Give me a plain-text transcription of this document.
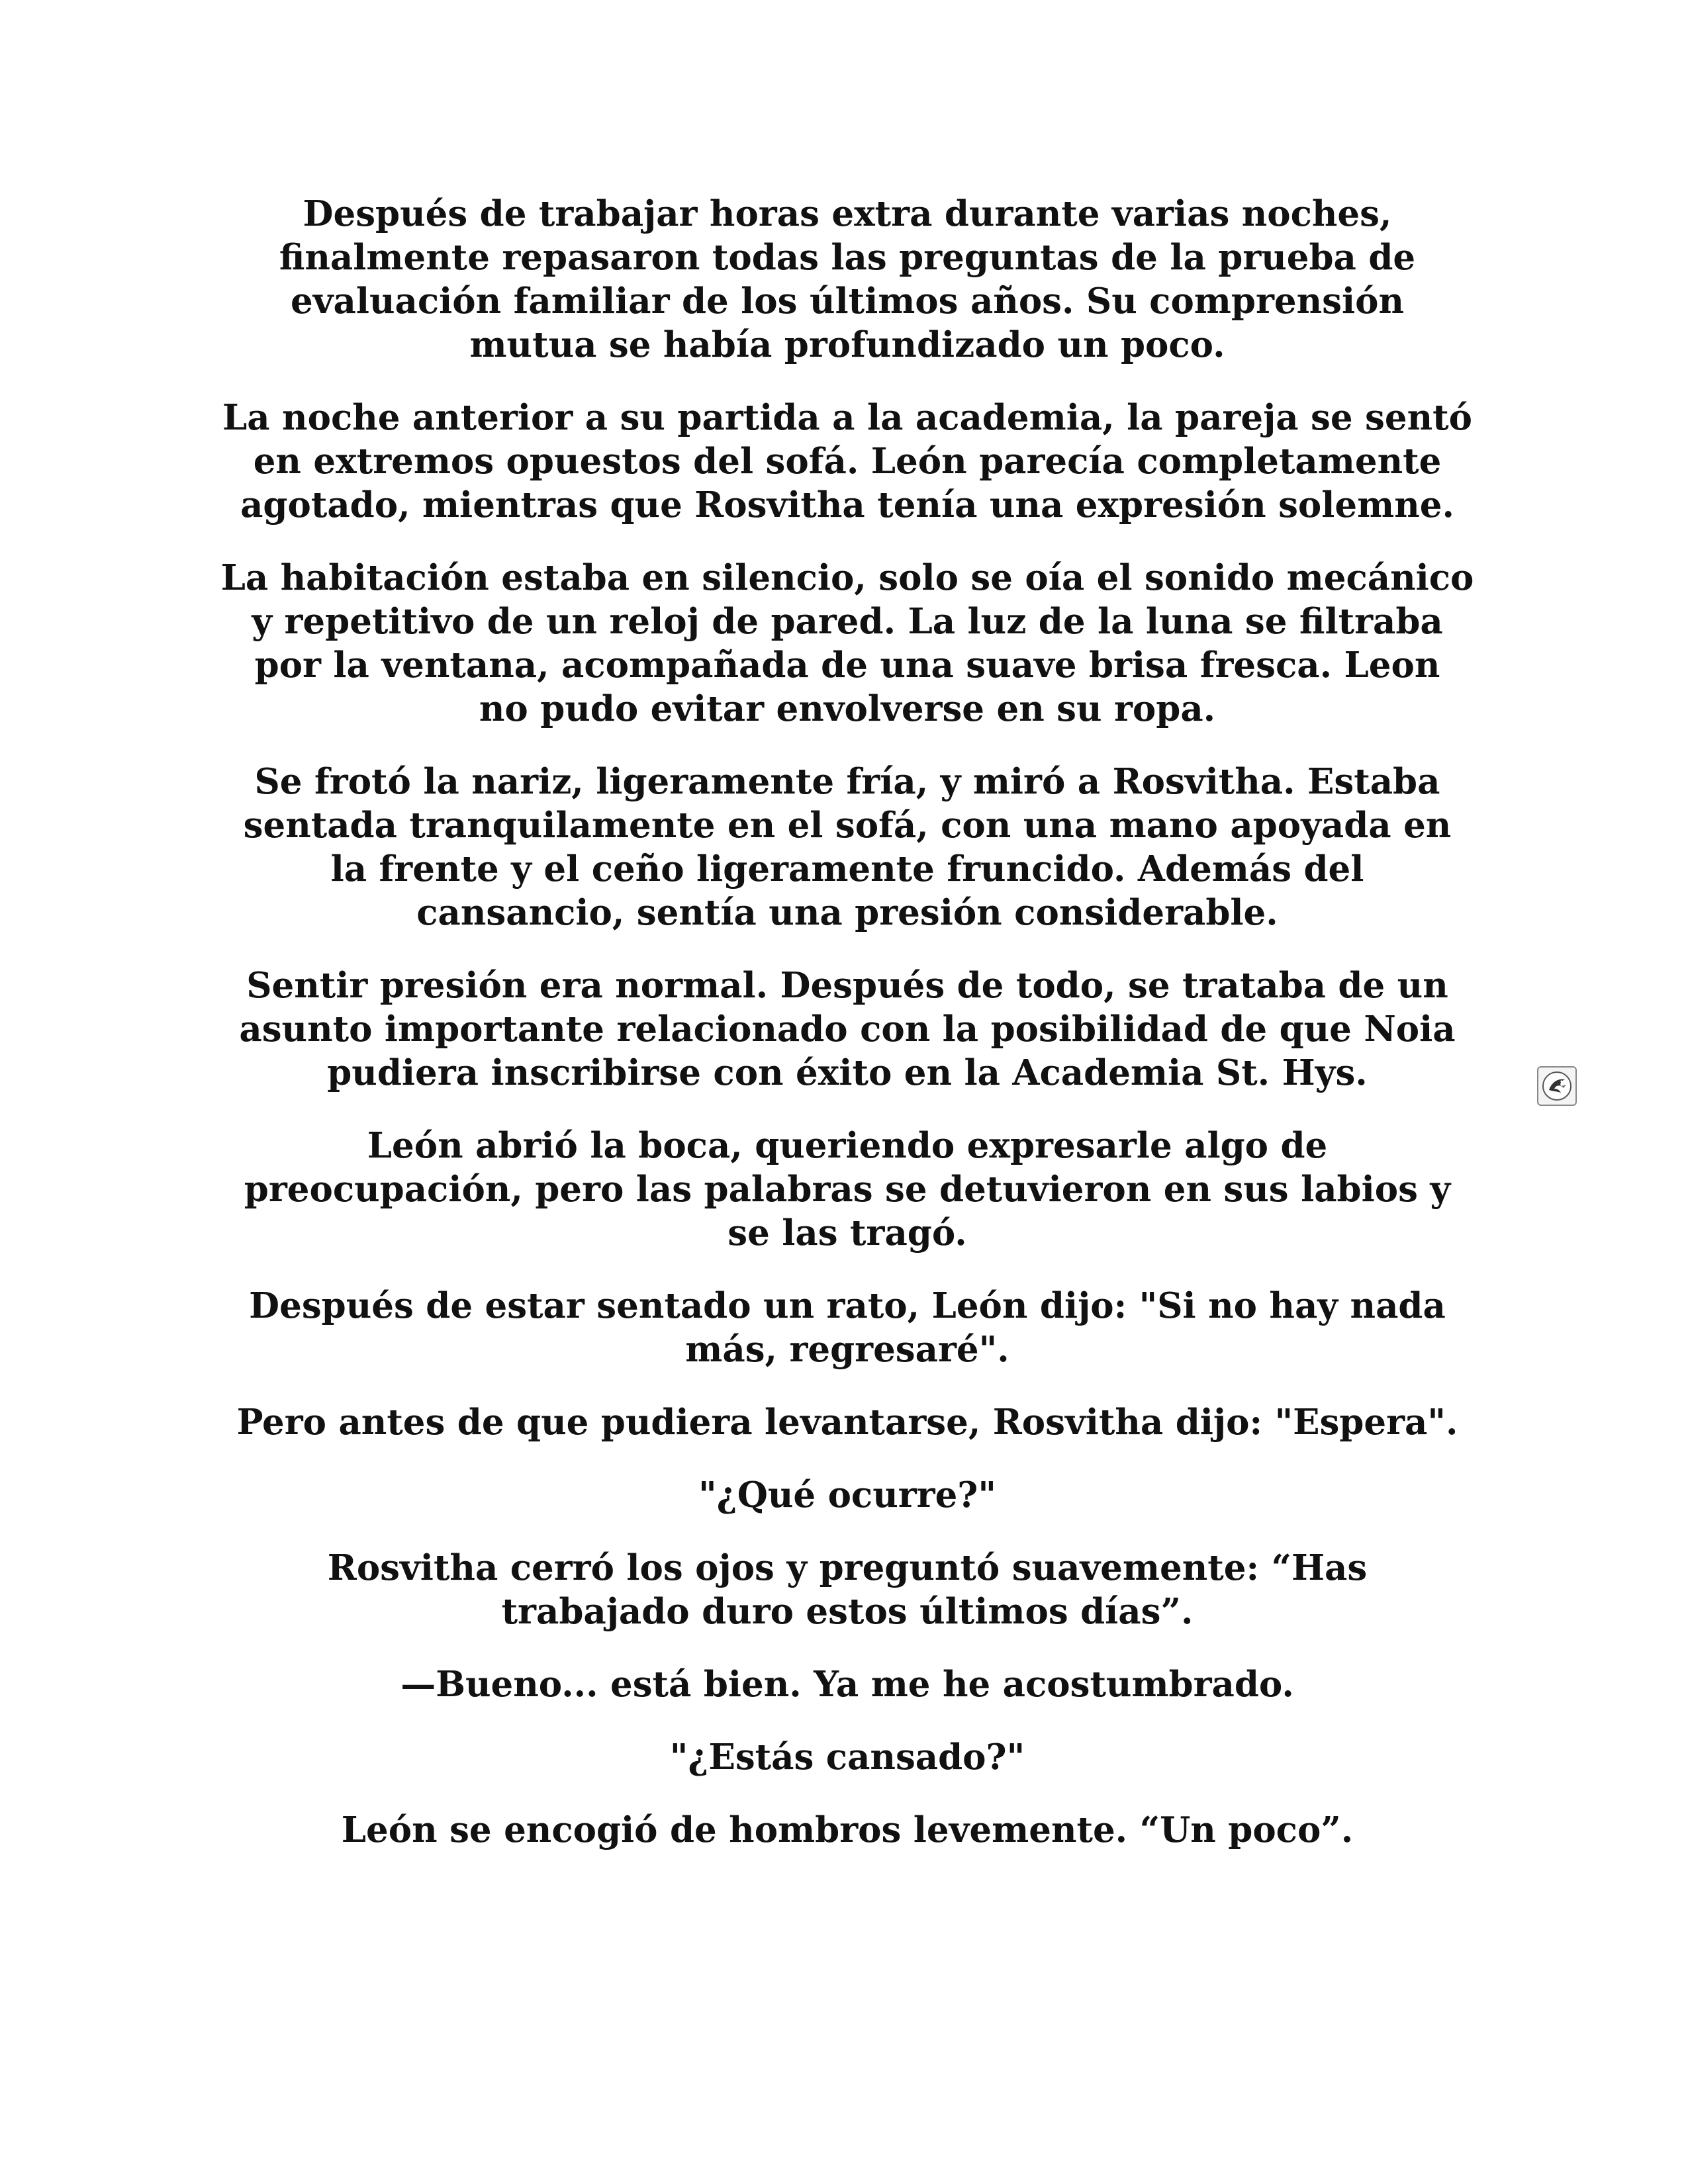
Después de trabajar horas extra durante varias noches,
finalmente repasaron todas las preguntas de la prueba de
evaluación familiar de los últimos años. Su comprensión
mutua se había profundizado un poco.

La noche anterior a su partida a la academia, la pareja se sentó
en extremos opuestos del sofá. León parecía completamente
agotado, mientras que Rosvitha tenía una expresión solemne.

La habitación estaba en silencio, solo se oía el sonido mecánico
y repetitivo de un reloj de pared. La luz de la luna se filtraba
por la ventana, acompañada de una suave brisa fresca. Leon
no pudo evitar envolverse en su ropa.

Se frotó la nariz, ligeramente fría, y miró a Rosvitha. Estaba
sentada tranquilamente en el sofá, con una mano apoyada en
la frente y el ceño ligeramente fruncido. Además del
cansancio, sentía una presión considerable.

Sentir presión era normal. Después de todo, se trataba de un
asunto importante relacionado con la posibilidad de que Noia
pudiera inscribirse con éxito en la Academia St. Hys.

León abrió la boca, queriendo expresarle algo de
preocupación, pero las palabras se detuvieron en sus labios y
se las tragó.

Después de estar sentado un rato, León dijo: "Si no hay nada
más, regresaré".

Pero antes de que pudiera levantarse, Rosvitha dijo: "Espera".

"¿Qué ocurre?"

Rosvitha cerró los ojos y preguntó suavemente: “Has
trabajado duro estos últimos días”.

—Bueno... está bien. Ya me he acostumbrado.

"¿Estás cansado?"

León se encogió de hombros levemente. “Un poco”.
